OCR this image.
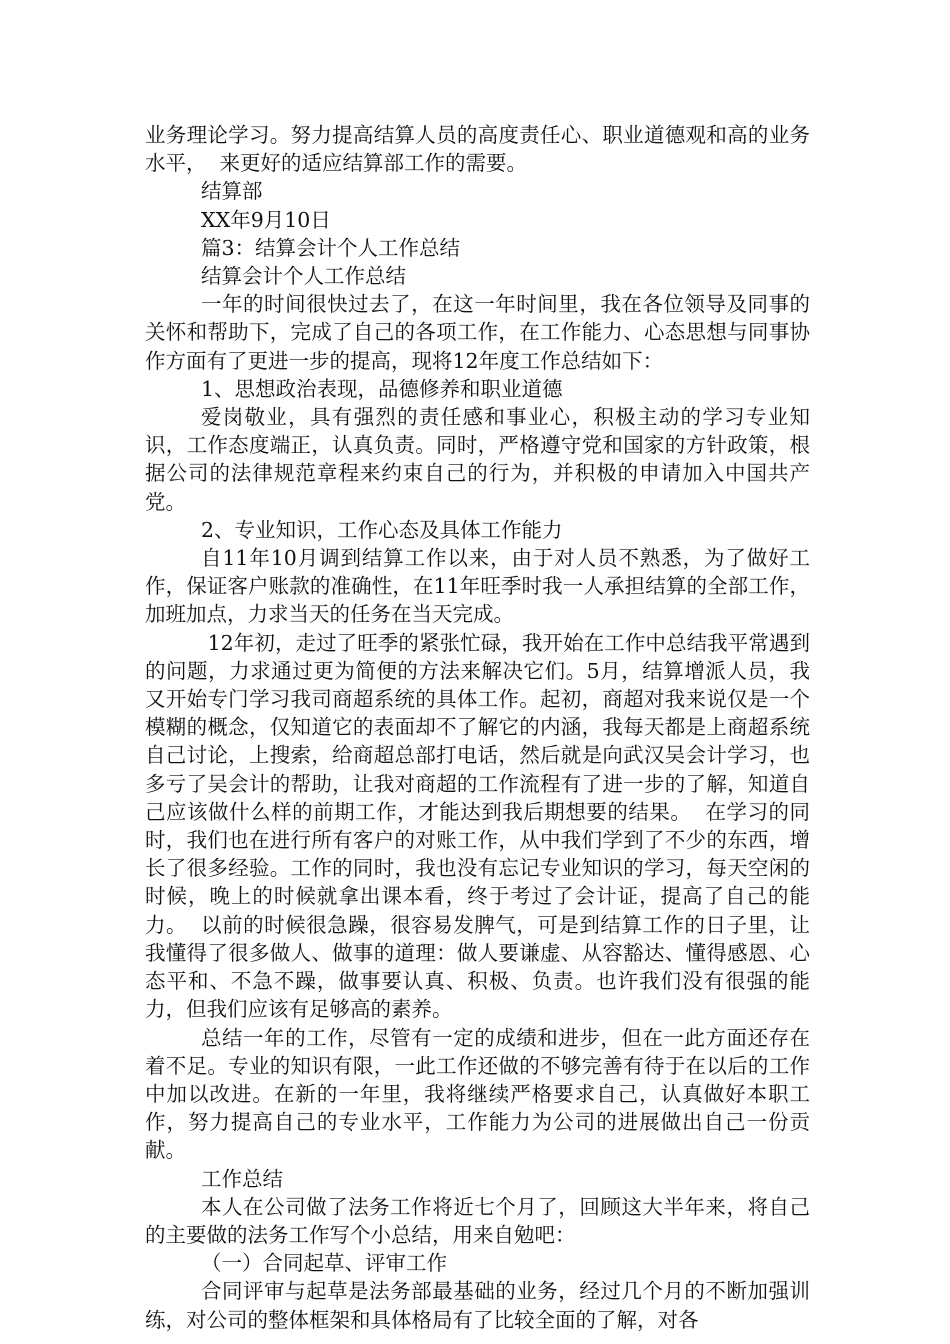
业务理论学习。努力提高结算人员的高度责任心、职业道德观和高的业务水平，  来更好的适应结算部工作的需要。

结算部

XX年9月10日

篇3：结算会计个人工作总结

结算会计个人工作总结

一年的时间很快过去了，在这一年时间里，我在各位领导及同事的关怀和帮助下，完成了自己的各项工作，在工作能力、心态思想与同事协作方面有了更进一步的提高，现将12年度工作总结如下：

1、思想政治表现，品德修养和职业道德

爱岗敬业，具有强烈的责任感和事业心，积极主动的学习专业知识，工作态度端正，认真负责。同时，严格遵守党和国家的方针政策，根据公司的法律规范章程来约束自己的行为，并积极的申请加入中国共产党。

2、专业知识，工作心态及具体工作能力

自11年10月调到结算工作以来，由于对人员不熟悉，为了做好工作，保证客户账款的准确性，在11年旺季时我一人承担结算的全部工作，加班加点，力求当天的任务在当天完成。

12年初，走过了旺季的紧张忙碌，我开始在工作中总结我平常遇到的问题，力求通过更为简便的方法来解决它们。5月，结算增派人员，我又开始专门学习我司商超系统的具体工作。起初，商超对我来说仅是一个模糊的概念，仅知道它的表面却不了解它的内涵，我每天都是上商超系统自己讨论，上搜索，给商超总部打电话，然后就是向武汉吴会计学习，也多亏了吴会计的帮助，让我对商超的工作流程有了进一步的了解，知道自己应该做什么样的前期工作，才能达到我后期想要的结果。  在学习的同时，我们也在进行所有客户的对账工作，从中我们学到了不少的东西，增长了很多经验。工作的同时，我也没有忘记专业知识的学习，每天空闲的时候，晚上的时候就拿出课本看，终于考过了会计证，提高了自己的能力。  以前的时候很急躁，很容易发脾气，可是到结算工作的日子里，让我懂得了很多做人、做事的道理：做人要谦虚、从容豁达、懂得感恩、心态平和、不急不躁，做事要认真、积极、负责。也许我们没有很强的能力，但我们应该有足够高的素养。

总结一年的工作，尽管有一定的成绩和进步，但在一此方面还存在着不足。专业的知识有限，一此工作还做的不够完善有待于在以后的工作中加以改进。在新的一年里，我将继续严格要求自己，认真做好本职工作，努力提高自己的专业水平，工作能力为公司的进展做出自己一份贡献。

工作总结

本人在公司做了法务工作将近七个月了，回顾这大半年来，将自己的主要做的法务工作写个小总结，用来自勉吧：

（一）合同起草、评审工作

合同评审与起草是法务部最基础的业务，经过几个月的不断加强训练，对公司的整体框架和具体格局有了比较全面的了解，对各
